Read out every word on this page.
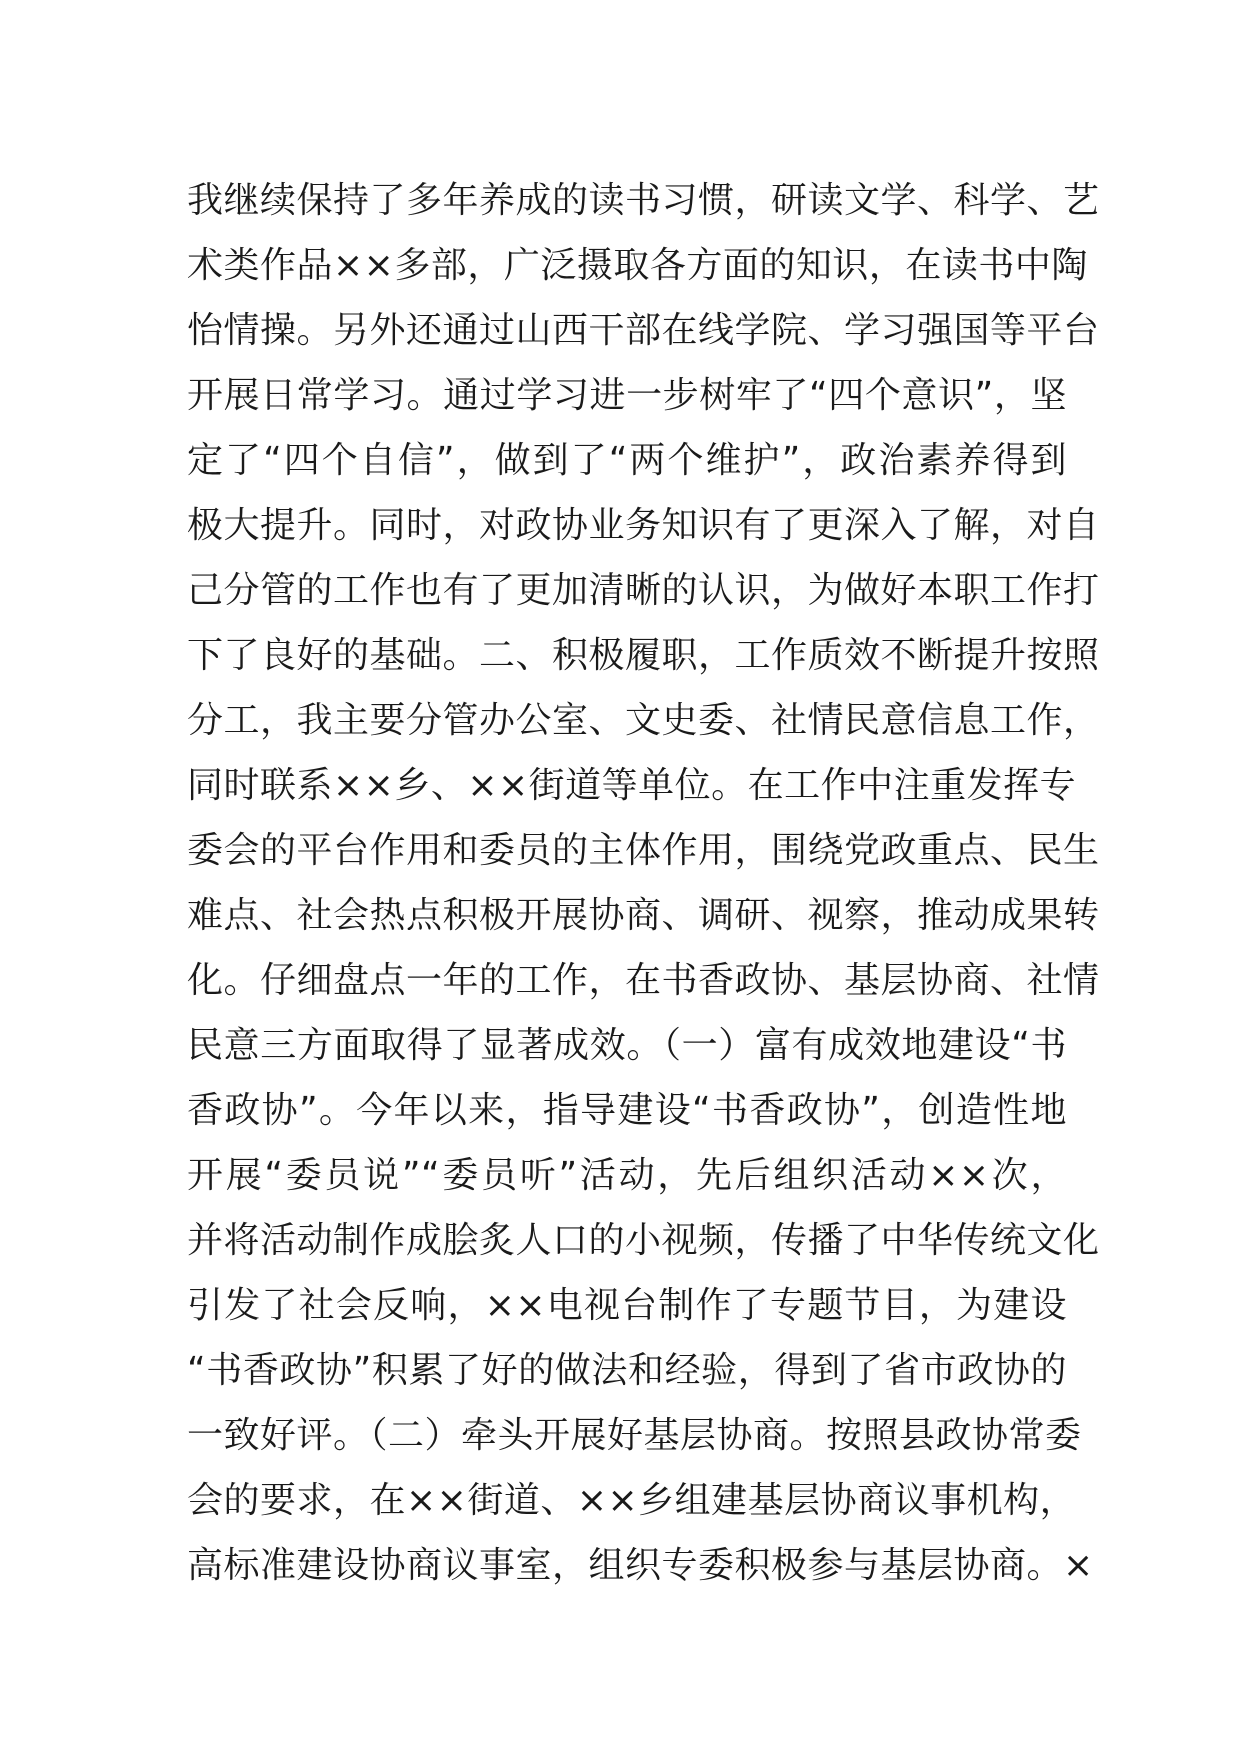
我继续保持了多年养成的读书习惯，研读文学、科学、艺
术类作品××多部，广泛摄取各方面的知识，在读书中陶
怡情操。另外还通过山西干部在线学院、学习强国等平台
开展日常学习。通过学习进一步树牢了“四个意识”，坚
定了“四个自信”，做到了“两个维护”，政治素养得到
极大提升。同时，对政协业务知识有了更深入了解，对自
己分管的工作也有了更加清晰的认识，为做好本职工作打
下了良好的基础。二、积极履职，工作质效不断提升按照
分工，我主要分管办公室、文史委、社情民意信息工作，
同时联系××乡、××街道等单位。在工作中注重发挥专
委会的平台作用和委员的主体作用，围绕党政重点、民生
难点、社会热点积极开展协商、调研、视察，推动成果转
化。仔细盘点一年的工作，在书香政协、基层协商、社情
民意三方面取得了显著成效。（一）富有成效地建设“书
香政协”。今年以来，指导建设“书香政协”，创造性地
开展“委员说”“委员听”活动，先后组织活动××次，
并将活动制作成脍炙人口的小视频，传播了中华传统文化
引发了社会反响，××电视台制作了专题节目，为建设
“书香政协”积累了好的做法和经验，得到了省市政协的
一致好评。（二）牵头开展好基层协商。按照县政协常委
会的要求，在××街道、××乡组建基层协商议事机构，
高标准建设协商议事室，组织专委积极参与基层协商。×
